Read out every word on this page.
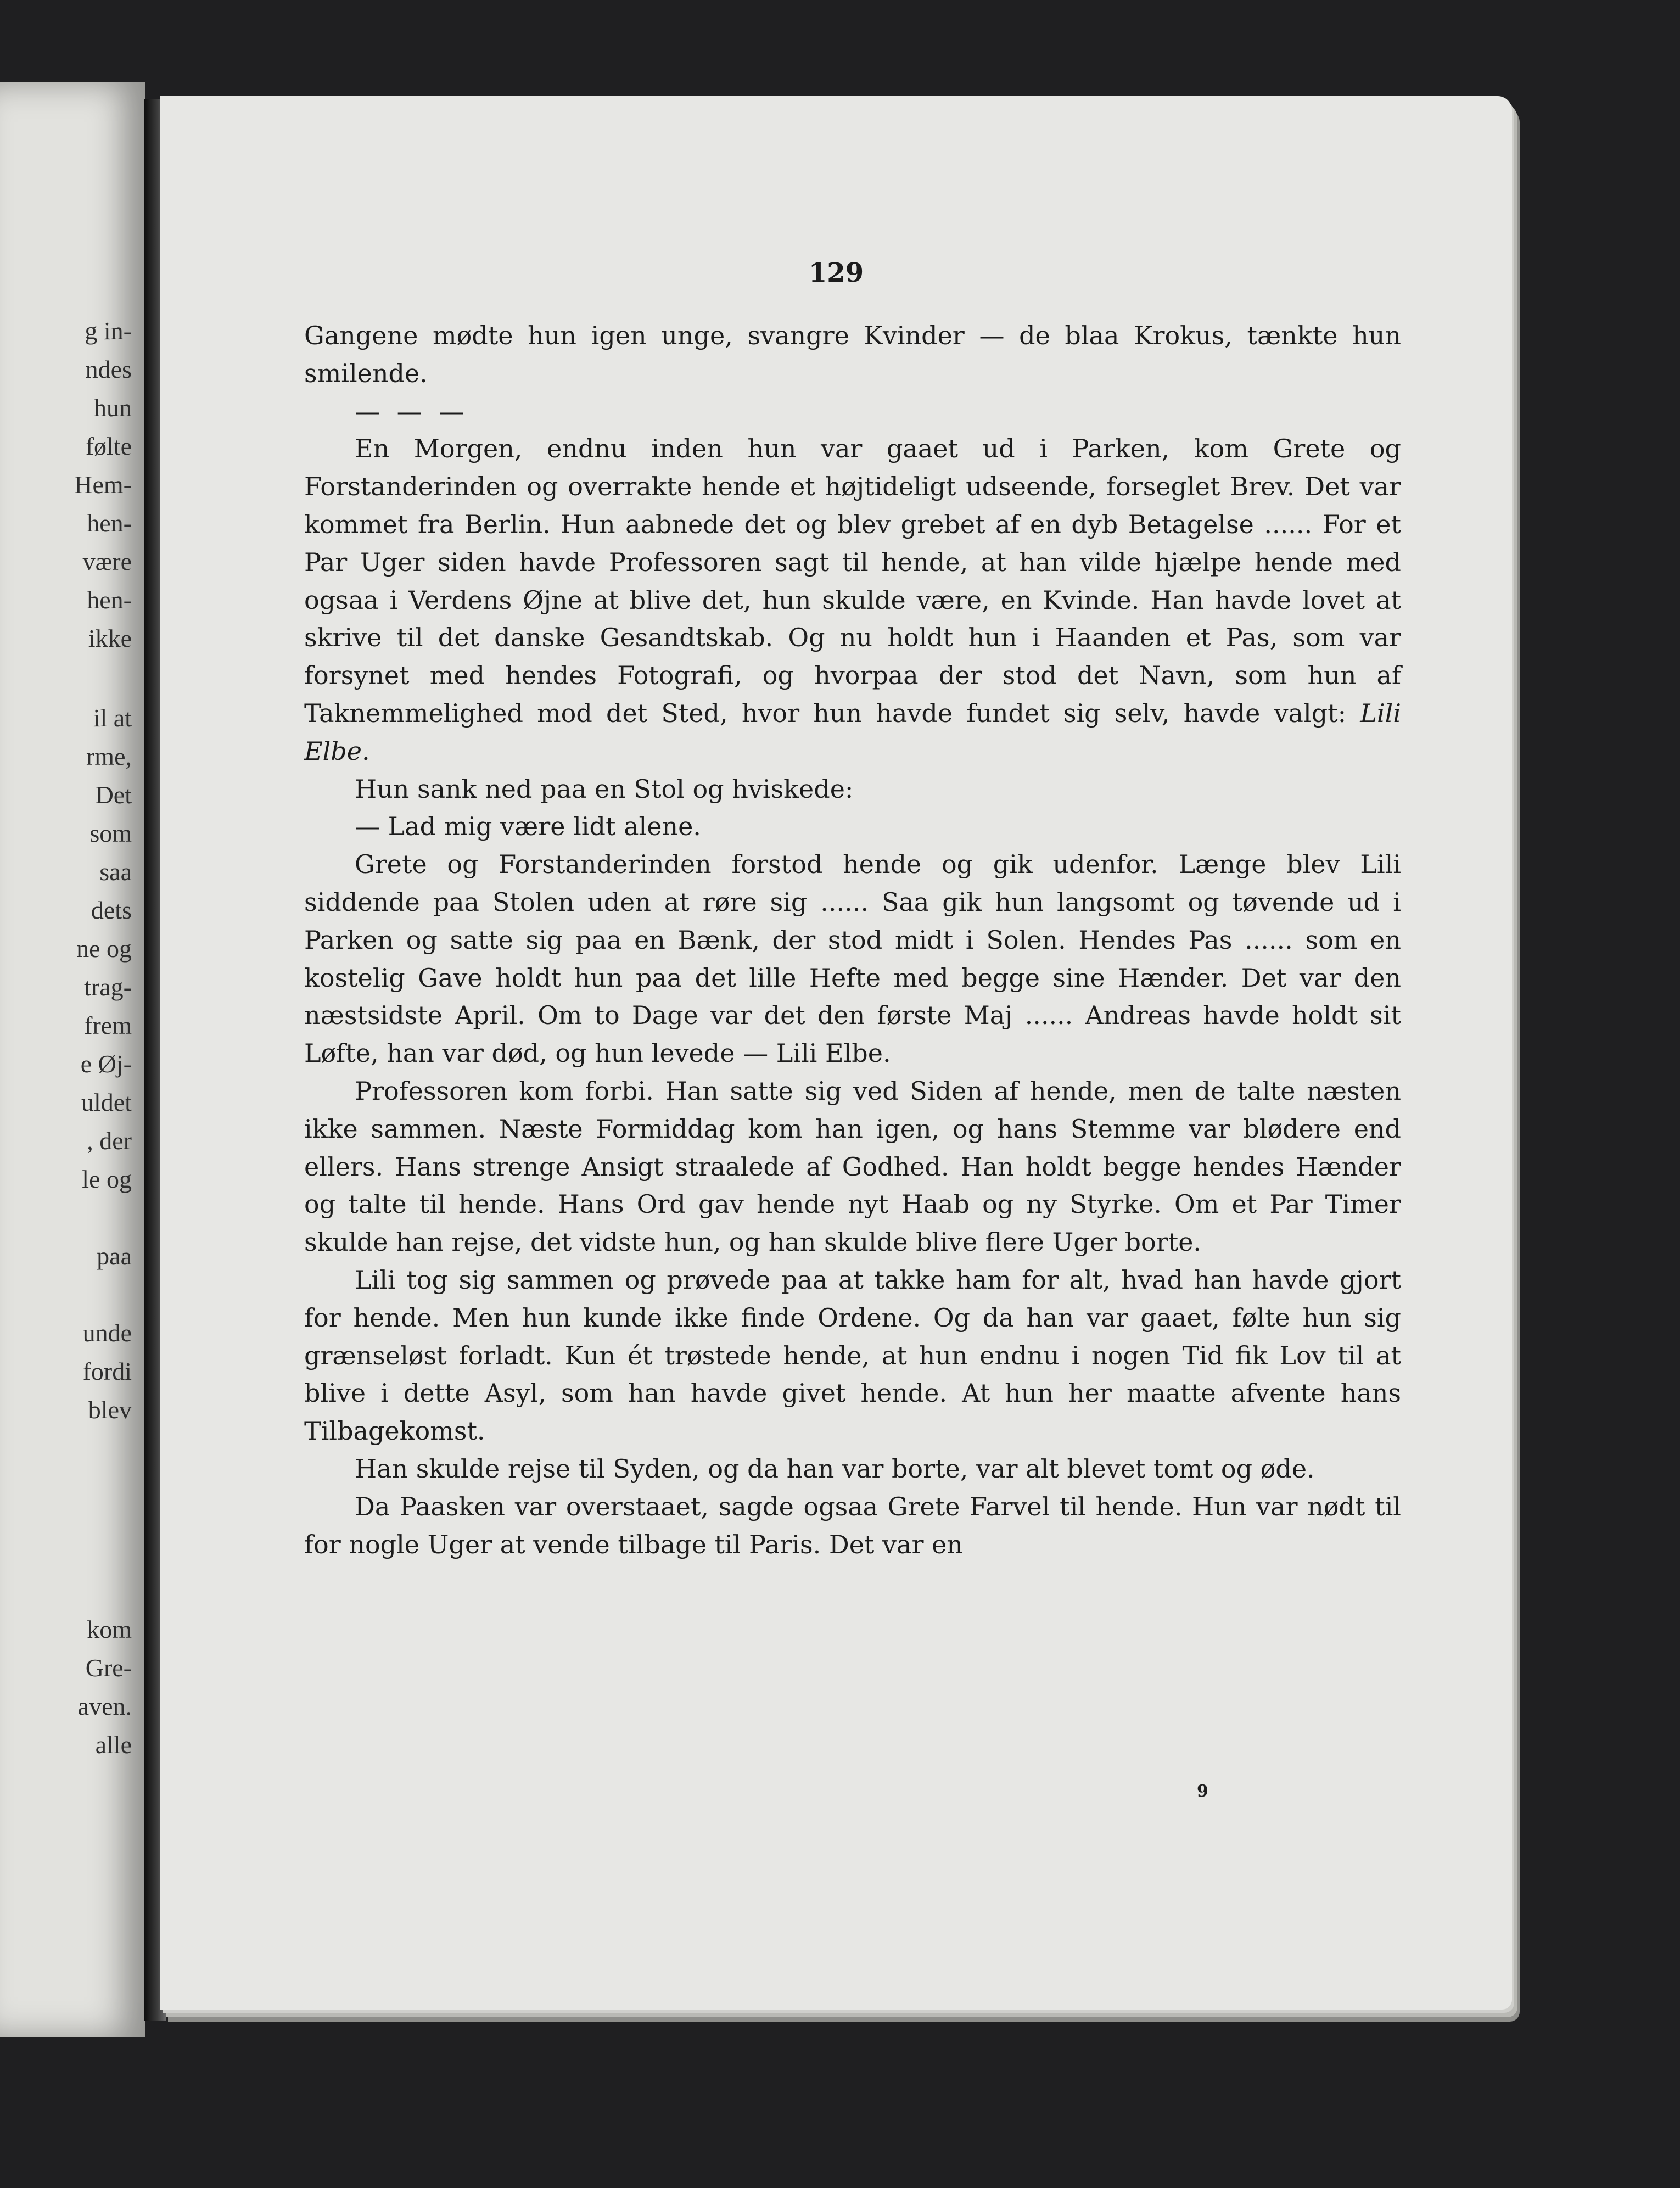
g in-
ndes
hun
følte
Hem-
hen-
være
hen-
ikke
il at
rme,
Det
som
saa
dets
ne og
trag-
frem
e Øj-
uldet
, der
le og
paa
unde
fordi
blev
kom
Gre-
aven.
alle
129

Gangene mødte hun igen unge, svangre Kvinder — de blaa Krokus, tænkte hun smilende.

— — —

En Morgen, endnu inden hun var gaaet ud i Parken, kom Grete og Forstanderinden og overrakte hende et højtideligt udseende, forseglet Brev. Det var kommet fra Berlin. Hun aabnede det og blev grebet af en dyb Betagelse ...... For et Par Uger siden havde Professoren sagt til hende, at han vilde hjælpe hende med ogsaa i Verdens Øjne at blive det, hun skulde være, en Kvinde. Han havde lovet at skrive til det danske Gesandtskab. Og nu holdt hun i Haanden et Pas, som var forsynet med hendes Fotografi, og hvorpaa der stod det Navn, som hun af Taknemmelighed mod det Sted, hvor hun havde fundet sig selv, havde valgt: Lili Elbe.

Hun sank ned paa en Stol og hviskede:

— Lad mig være lidt alene.

Grete og Forstanderinden forstod hende og gik udenfor. Længe blev Lili siddende paa Stolen uden at røre sig ...... Saa gik hun langsomt og tøvende ud i Parken og satte sig paa en Bænk, der stod midt i Solen. Hendes Pas ...... som en kostelig Gave holdt hun paa det lille Hefte med begge sine Hænder. Det var den næstsidste April. Om to Dage var det den første Maj ...... Andreas havde holdt sit Løfte, han var død, og hun levede — Lili Elbe.

Professoren kom forbi. Han satte sig ved Siden af hende, men de talte næsten ikke sammen. Næste Formiddag kom han igen, og hans Stemme var blødere end ellers. Hans strenge Ansigt straalede af Godhed. Han holdt begge hendes Hænder og talte til hende. Hans Ord gav hende nyt Haab og ny Styrke. Om et Par Timer skulde han rejse, det vidste hun, og han skulde blive flere Uger borte.

Lili tog sig sammen og prøvede paa at takke ham for alt, hvad han havde gjort for hende. Men hun kunde ikke finde Ordene. Og da han var gaaet, følte hun sig grænseløst forladt. Kun ét trøstede hende, at hun endnu i nogen Tid fik Lov til at blive i dette Asyl, som han havde givet hende. At hun her maatte afvente hans Tilbagekomst.

Han skulde rejse til Syden, og da han var borte, var alt blevet tomt og øde.

Da Paasken var overstaaet, sagde ogsaa Grete Farvel til hende. Hun var nødt til for nogle Uger at vende tilbage til Paris. Det var en

9
